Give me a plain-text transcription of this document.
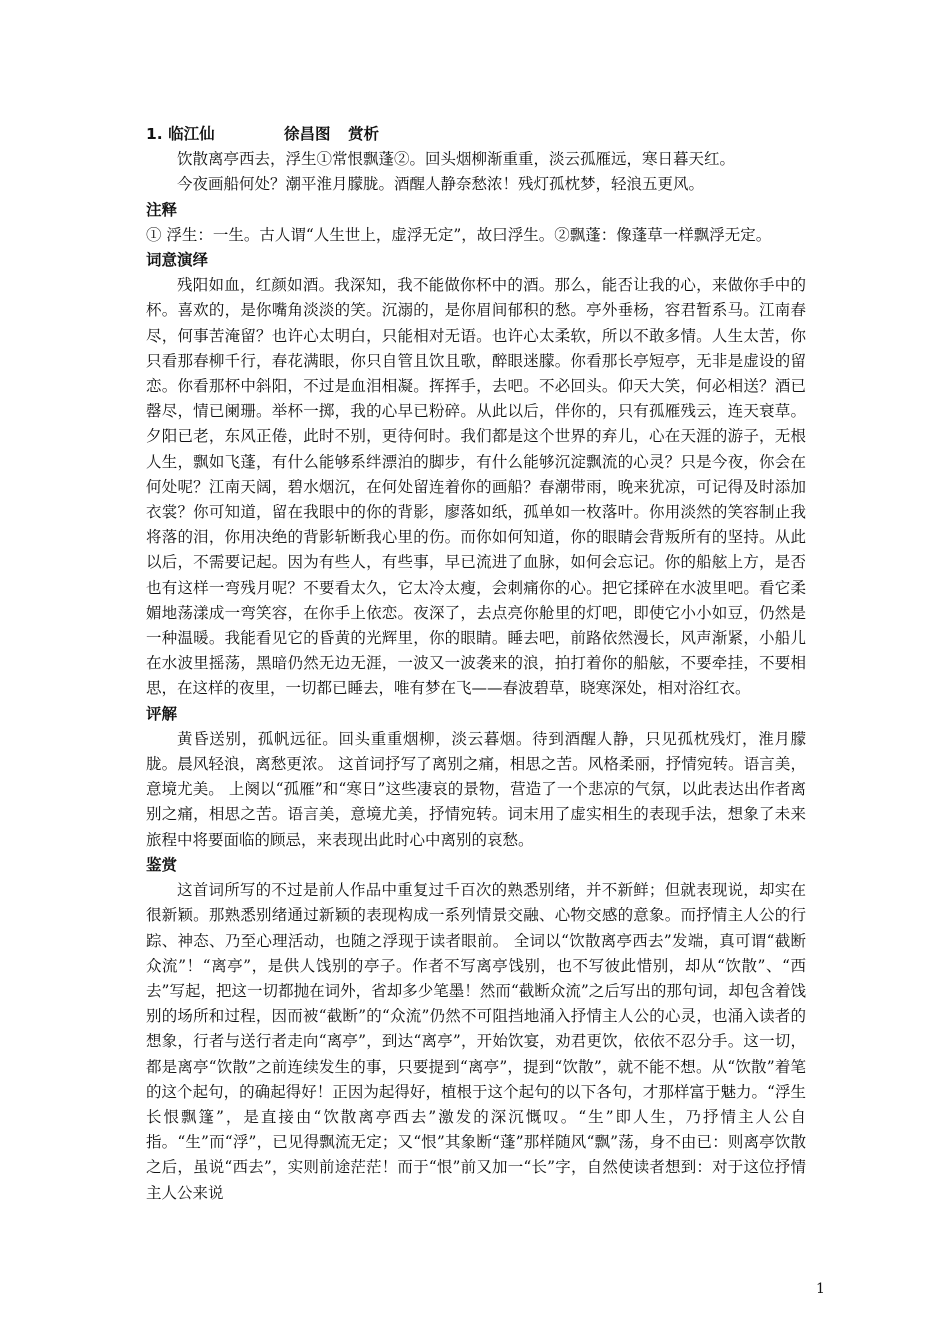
1. 临江仙	徐昌图 赏析

饮散离亭西去，浮生①常恨飘蓬②。回头烟柳渐重重，淡云孤雁远，寒日暮天红。

今夜画船何处？潮平淮月朦胧。酒醒人静奈愁浓！残灯孤枕梦，轻浪五更风。

注释

① 浮生：一生。古人谓“人生世上，虚浮无定”，故曰浮生。②飘蓬：像蓬草一样飘浮无定。

词意演绎

残阳如血，红颜如酒。我深知，我不能做你杯中的酒。那么，能否让我的心，来做你手中的杯。喜欢的，是你嘴角淡淡的笑。沉溺的，是你眉间郁积的愁。亭外垂杨，容君暂系马。江南春尽，何事苦淹留？也许心太明白，只能相对无语。也许心太柔软，所以不敢多情。人生太苦，你只看那春柳千行，春花满眼，你只自管且饮且歌，醉眼迷朦。你看那长亭短亭，无非是虚设的留恋。你看那杯中斜阳，不过是血泪相凝。挥挥手，去吧。不必回头。仰天大笑，何必相送？酒已罄尽，情已阑珊。举杯一掷，我的心早已粉碎。从此以后，伴你的，只有孤雁残云，连天衰草。夕阳已老，东风正倦，此时不别，更待何时。我们都是这个世界的弃儿，心在天涯的游子，无根人生，飘如飞蓬，有什么能够系绊漂泊的脚步，有什么能够沉淀飘流的心灵？只是今夜，你会在何处呢？江南天阔，碧水烟沉，在何处留连着你的画船？春潮带雨，晚来犹凉，可记得及时添加衣裳？你可知道，留在我眼中的你的背影，廖落如纸，孤单如一枚落叶。你用淡然的笑容制止我将落的泪，你用决绝的背影斩断我心里的伤。而你如何知道，你的眼睛会背叛所有的坚持。从此以后，不需要记起。因为有些人，有些事，早已流进了血脉，如何会忘记。你的船舷上方，是否也有这样一弯残月呢？不要看太久，它太冷太瘦，会刺痛你的心。把它揉碎在水波里吧。看它柔媚地荡漾成一弯笑容，在你手上依恋。夜深了，去点亮你舱里的灯吧，即使它小小如豆，仍然是一种温暖。我能看见它的昏黄的光辉里，你的眼睛。睡去吧，前路依然漫长，风声渐紧，小船儿在水波里摇荡，黑暗仍然无边无涯，一波又一波袭来的浪，拍打着你的船舷，不要牵挂，不要相思，在这样的夜里，一切都已睡去，唯有梦在飞——春波碧草，晓寒深处，相对浴红衣。

评解

黄昏送别，孤帆远征。回头重重烟柳，淡云暮烟。待到酒醒人静，只见孤枕残灯，淮月朦胧。晨风轻浪，离愁更浓。 这首词抒写了离别之痛，相思之苦。风格柔丽，抒情宛转。语言美，意境尤美。 上阕以“孤雁”和“寒日”这些凄哀的景物，营造了一个悲凉的气氛，以此表达出作者离别之痛，相思之苦。语言美，意境尤美，抒情宛转。词末用了虚实相生的表现手法，想象了未来旅程中将要面临的顾忌，来表现出此时心中离别的哀愁。

鉴赏

这首词所写的不过是前人作品中重复过千百次的熟悉别绪，并不新鲜；但就表现说，却实在很新颖。那熟悉别绪通过新颖的表现构成一系列情景交融、心物交感的意象。而抒情主人公的行踪、神态、乃至心理活动，也随之浮现于读者眼前。 全词以“饮散离亭西去”发端，真可谓“截断众流”！“离亭”，是供人饯别的亭子。作者不写离亭饯别，也不写彼此惜别，却从“饮散”、“西去”写起，把这一切都抛在词外，省却多少笔墨！然而“截断众流”之后写出的那句词，却包含着饯别的场所和过程，因而被“截断”的“众流”仍然不可阻挡地涌入抒情主人公的心灵，也涌入读者的想象，行者与送行者走向“离亭”，到达“离亭”，开始饮宴，劝君更饮，依依不忍分手。这一切，都是离亭“饮散”之前连续发生的事，只要提到“离亭”，提到“饮散”，就不能不想。从“饮散”着笔的这个起句，的确起得好！正因为起得好，植根于这个起句的以下各句，才那样富于魅力。“浮生长恨飘篷”，是直接由“饮散离亭西去”激发的深沉慨叹。“生”即人生，乃抒情主人公自指。“生”而“浮”，已见得飘流无定；又“恨”其象断“蓬”那样随风“飘”荡，身不由已：则离亭饮散之后，虽说“西去”，实则前途茫茫！而于“恨”前又加一“长”字，自然使读者想到：对于这位抒情主人公来说

1
